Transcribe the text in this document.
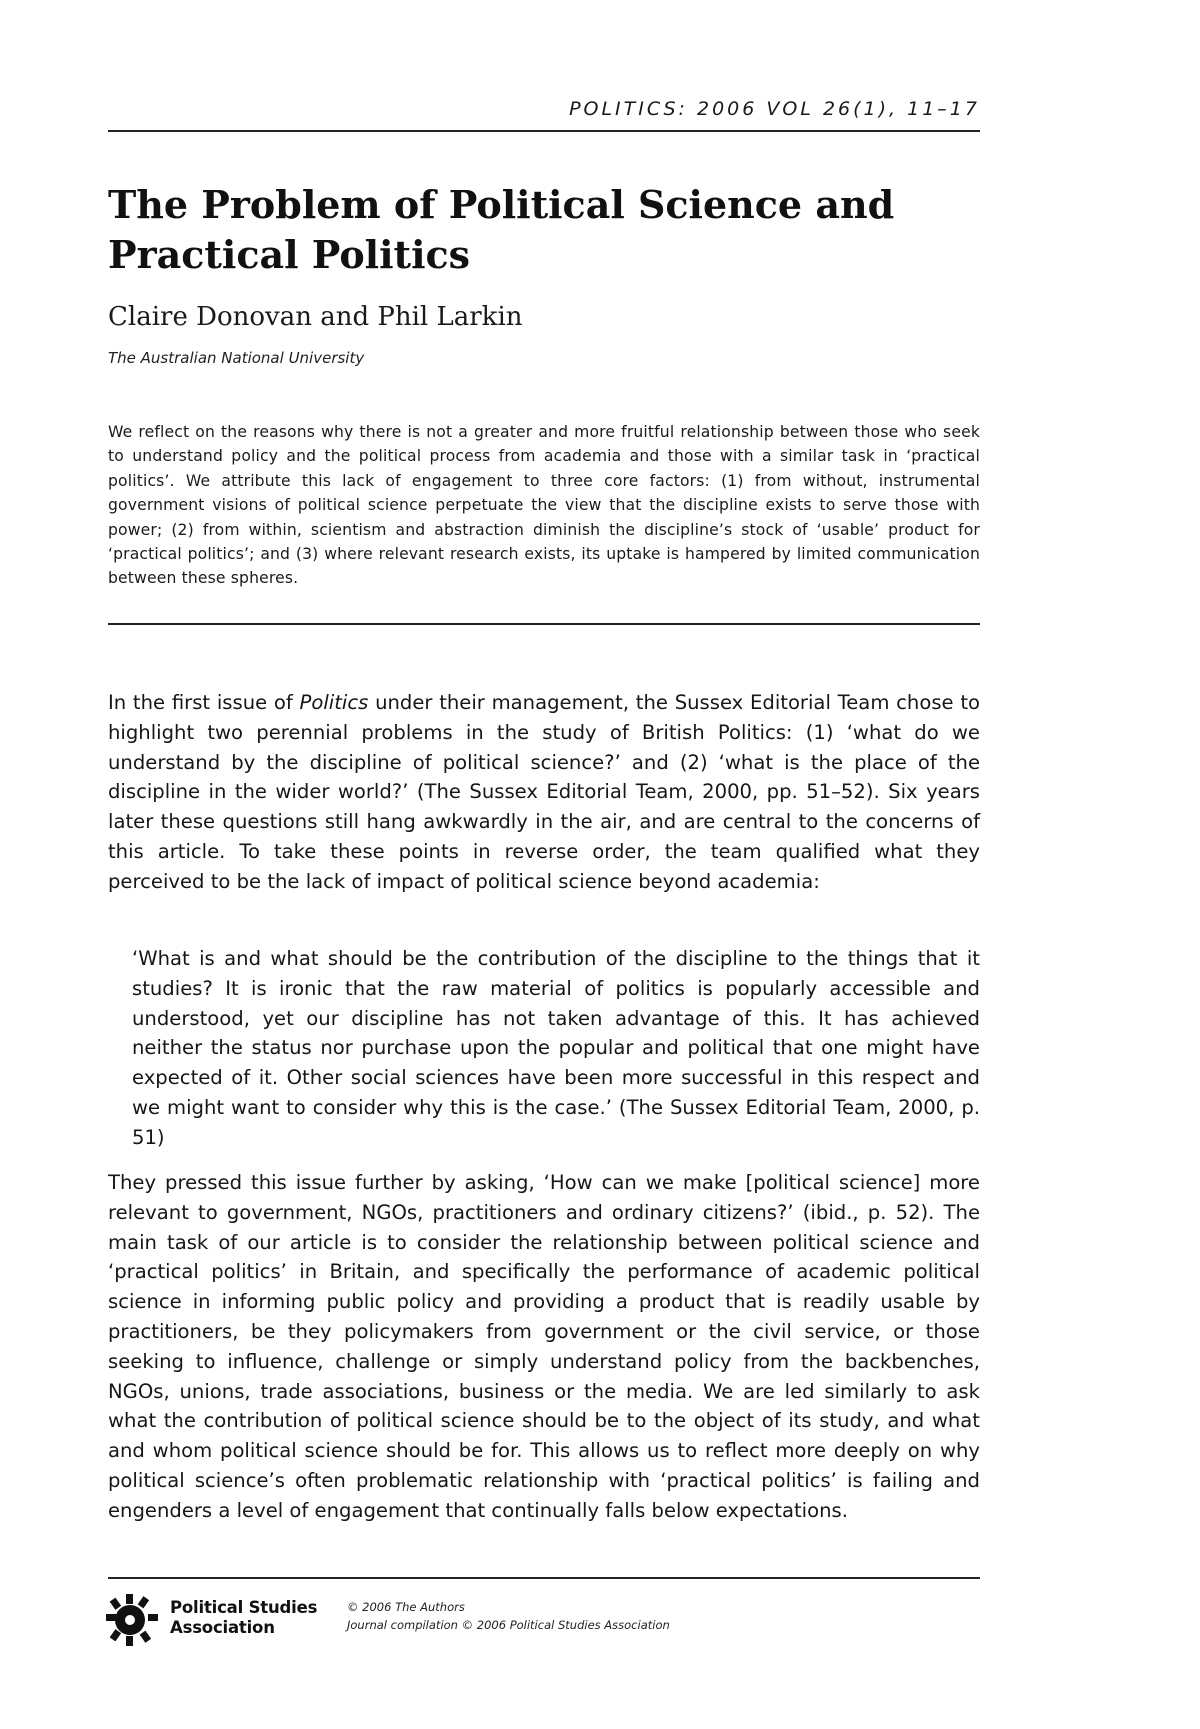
POLITICS: 2006 VOL 26(1), 11–17
The Problem of Political Science and
Practical Politics
Claire Donovan and Phil Larkin
The Australian National University

We reflect on the reasons why there is not a greater and more fruitful relationship between those who seek to understand policy and the political process from academia and those with a similar task in ‘practical politics’. We attribute this lack of engagement to three core factors: (1) from without, instrumental government visions of political science perpetuate the view that the discipline exists to serve those with power; (2) from within, scientism and abstraction diminish the discipline’s stock of ‘usable’ product for ‘practical politics’; and (3) where relevant research exists, its uptake is hampered by limited communication between these spheres.

In the first issue of Politics under their management, the Sussex Editorial Team chose to highlight two perennial problems in the study of British Politics: (1) ‘what do we understand by the discipline of political science?’ and (2) ‘what is the place of the discipline in the wider world?’ (The Sussex Editorial Team, 2000, pp. 51–52). Six years later these questions still hang awkwardly in the air, and are central to the concerns of this article. To take these points in reverse order, the team qualified what they perceived to be the lack of impact of political science beyond academia:

‘What is and what should be the contribution of the discipline to the things that it studies? It is ironic that the raw material of politics is popularly accessible and understood, yet our discipline has not taken advantage of this. It has achieved neither the status nor purchase upon the popular and political that one might have expected of it. Other social sciences have been more successful in this respect and we might want to consider why this is the case.’ (The Sussex Editorial Team, 2000, p. 51)

They pressed this issue further by asking, ‘How can we make [political science] more relevant to government, NGOs, practitioners and ordinary citizens?’ (ibid., p. 52). The main task of our article is to consider the relationship between political science and ‘practical politics’ in Britain, and specifically the performance of academic political science in informing public policy and providing a product that is readily usable by practitioners, be they policymakers from government or the civil service, or those seeking to influence, challenge or simply understand policy from the backbenches, NGOs, unions, trade associations, business or the media. We are led similarly to ask what the contribution of political science should be to the object of its study, and what and whom political science should be for. This allows us to reflect more deeply on why political science’s often problematic relationship with ‘practical politics’ is failing and engenders a level of engagement that continually falls below expectations.

Political Studies
Association
© 2006 The Authors
Journal compilation © 2006 Political Studies Association
